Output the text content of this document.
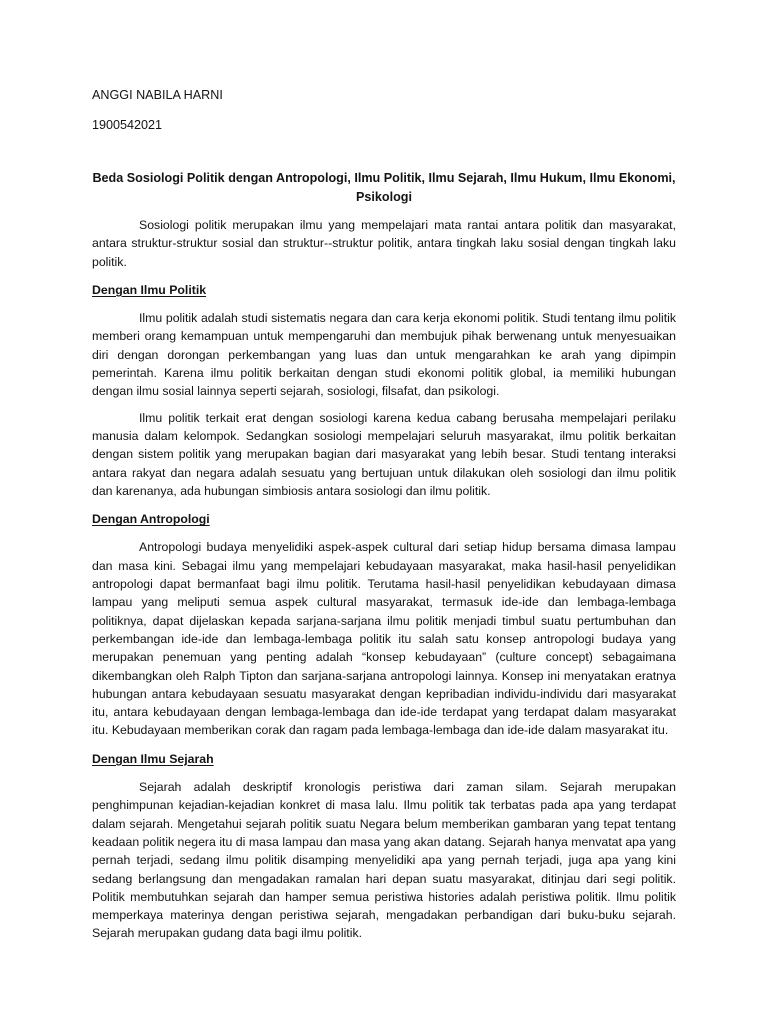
ANGGI NABILA HARNI

1900542021

Beda Sosiologi Politik dengan Antropologi, Ilmu Politik, Ilmu Sejarah, Ilmu Hukum, Ilmu Ekonomi, Psikologi

Sosiologi politik merupakan ilmu yang mempelajari mata rantai antara politik dan masyarakat, antara struktur-struktur sosial dan struktur--struktur politik, antara tingkah laku sosial dengan tingkah laku politik.

Dengan Ilmu Politik

Ilmu politik adalah studi sistematis negara dan cara kerja ekonomi politik. Studi tentang ilmu politik memberi orang kemampuan untuk mempengaruhi dan membujuk pihak berwenang untuk menyesuaikan diri dengan dorongan perkembangan yang luas dan untuk mengarahkan ke arah yang dipimpin pemerintah. Karena ilmu politik berkaitan dengan studi ekonomi politik global, ia memiliki hubungan dengan ilmu sosial lainnya seperti sejarah, sosiologi, filsafat, dan psikologi.

Ilmu politik terkait erat dengan sosiologi karena kedua cabang berusaha mempelajari perilaku manusia dalam kelompok. Sedangkan sosiologi mempelajari seluruh masyarakat, ilmu politik berkaitan dengan sistem politik yang merupakan bagian dari masyarakat yang lebih besar. Studi tentang interaksi antara rakyat dan negara adalah sesuatu yang bertujuan untuk dilakukan oleh sosiologi dan ilmu politik dan karenanya, ada hubungan simbiosis antara sosiologi dan ilmu politik.

Dengan Antropologi

Antropologi budaya menyelidiki aspek-aspek cultural dari setiap hidup bersama dimasa lampau dan masa kini. Sebagai ilmu yang mempelajari kebudayaan masyarakat, maka hasil-hasil penyelidikan antropologi dapat bermanfaat bagi ilmu politik. Terutama hasil-hasil penyelidikan kebudayaan dimasa lampau yang meliputi semua aspek cultural masyarakat, termasuk ide-ide dan lembaga-lembaga politiknya, dapat dijelaskan kepada sarjana-sarjana ilmu politik menjadi timbul suatu pertumbuhan dan perkembangan ide-ide dan lembaga-lembaga politik itu salah satu konsep antropologi budaya yang merupakan penemuan yang penting adalah “konsep kebudayaan” (culture concept) sebagaimana dikembangkan oleh Ralph Tipton dan sarjana-sarjana antropologi lainnya. Konsep ini menyatakan eratnya hubungan antara kebudayaan sesuatu masyarakat dengan kepribadian individu-individu dari masyarakat itu, antara kebudayaan dengan lembaga-lembaga dan ide-ide terdapat yang terdapat dalam masyarakat itu. Kebudayaan memberikan corak dan ragam pada lembaga-lembaga dan ide-ide dalam masyarakat itu.

Dengan Ilmu Sejarah

Sejarah adalah deskriptif kronologis peristiwa dari zaman silam. Sejarah merupakan penghimpunan kejadian-kejadian konkret di masa lalu. Ilmu politik tak terbatas pada apa yang terdapat dalam sejarah. Mengetahui sejarah politik suatu Negara belum memberikan gambaran yang tepat tentang keadaan politik negera itu di masa lampau dan masa yang akan datang. Sejarah hanya menvatat apa yang pernah terjadi, sedang ilmu politik disamping menyelidiki apa yang pernah terjadi, juga apa yang kini sedang berlangsung dan mengadakan ramalan hari depan suatu masyarakat, ditinjau dari segi politik. Politik membutuhkan sejarah dan hamper semua peristiwa histories adalah peristiwa politik. Ilmu politik memperkaya materinya dengan peristiwa sejarah, mengadakan perbandigan dari buku-buku sejarah. Sejarah merupakan gudang data bagi ilmu politik.
